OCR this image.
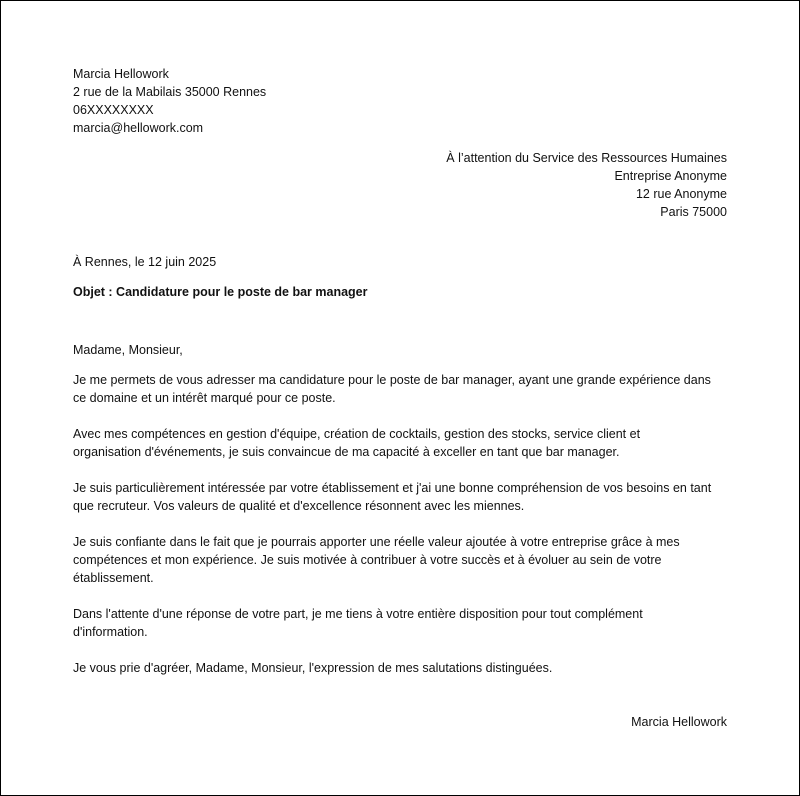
Marcia Hellowork
2 rue de la Mabilais 35000 Rennes
06XXXXXXXX
marcia@hellowork.com
À l’attention du Service des Ressources Humaines
Entreprise Anonyme
12 rue Anonyme
Paris 75000
À Rennes, le 12 juin 2025
Objet : Candidature pour le poste de bar manager
Madame, Monsieur,
Je me permets de vous adresser ma candidature pour le poste de bar manager, ayant une grande expérience dans
ce domaine et un intérêt marqué pour ce poste.
Avec mes compétences en gestion d'équipe, création de cocktails, gestion des stocks, service client et
organisation d'événements, je suis convaincue de ma capacité à exceller en tant que bar manager.
Je suis particulièrement intéressée par votre établissement et j'ai une bonne compréhension de vos besoins en tant
que recruteur. Vos valeurs de qualité et d'excellence résonnent avec les miennes.
Je suis confiante dans le fait que je pourrais apporter une réelle valeur ajoutée à votre entreprise grâce à mes
compétences et mon expérience. Je suis motivée à contribuer à votre succès et à évoluer au sein de votre
établissement.
Dans l'attente d'une réponse de votre part, je me tiens à votre entière disposition pour tout complément
d'information.
Je vous prie d'agréer, Madame, Monsieur, l'expression de mes salutations distinguées.
Marcia Hellowork
